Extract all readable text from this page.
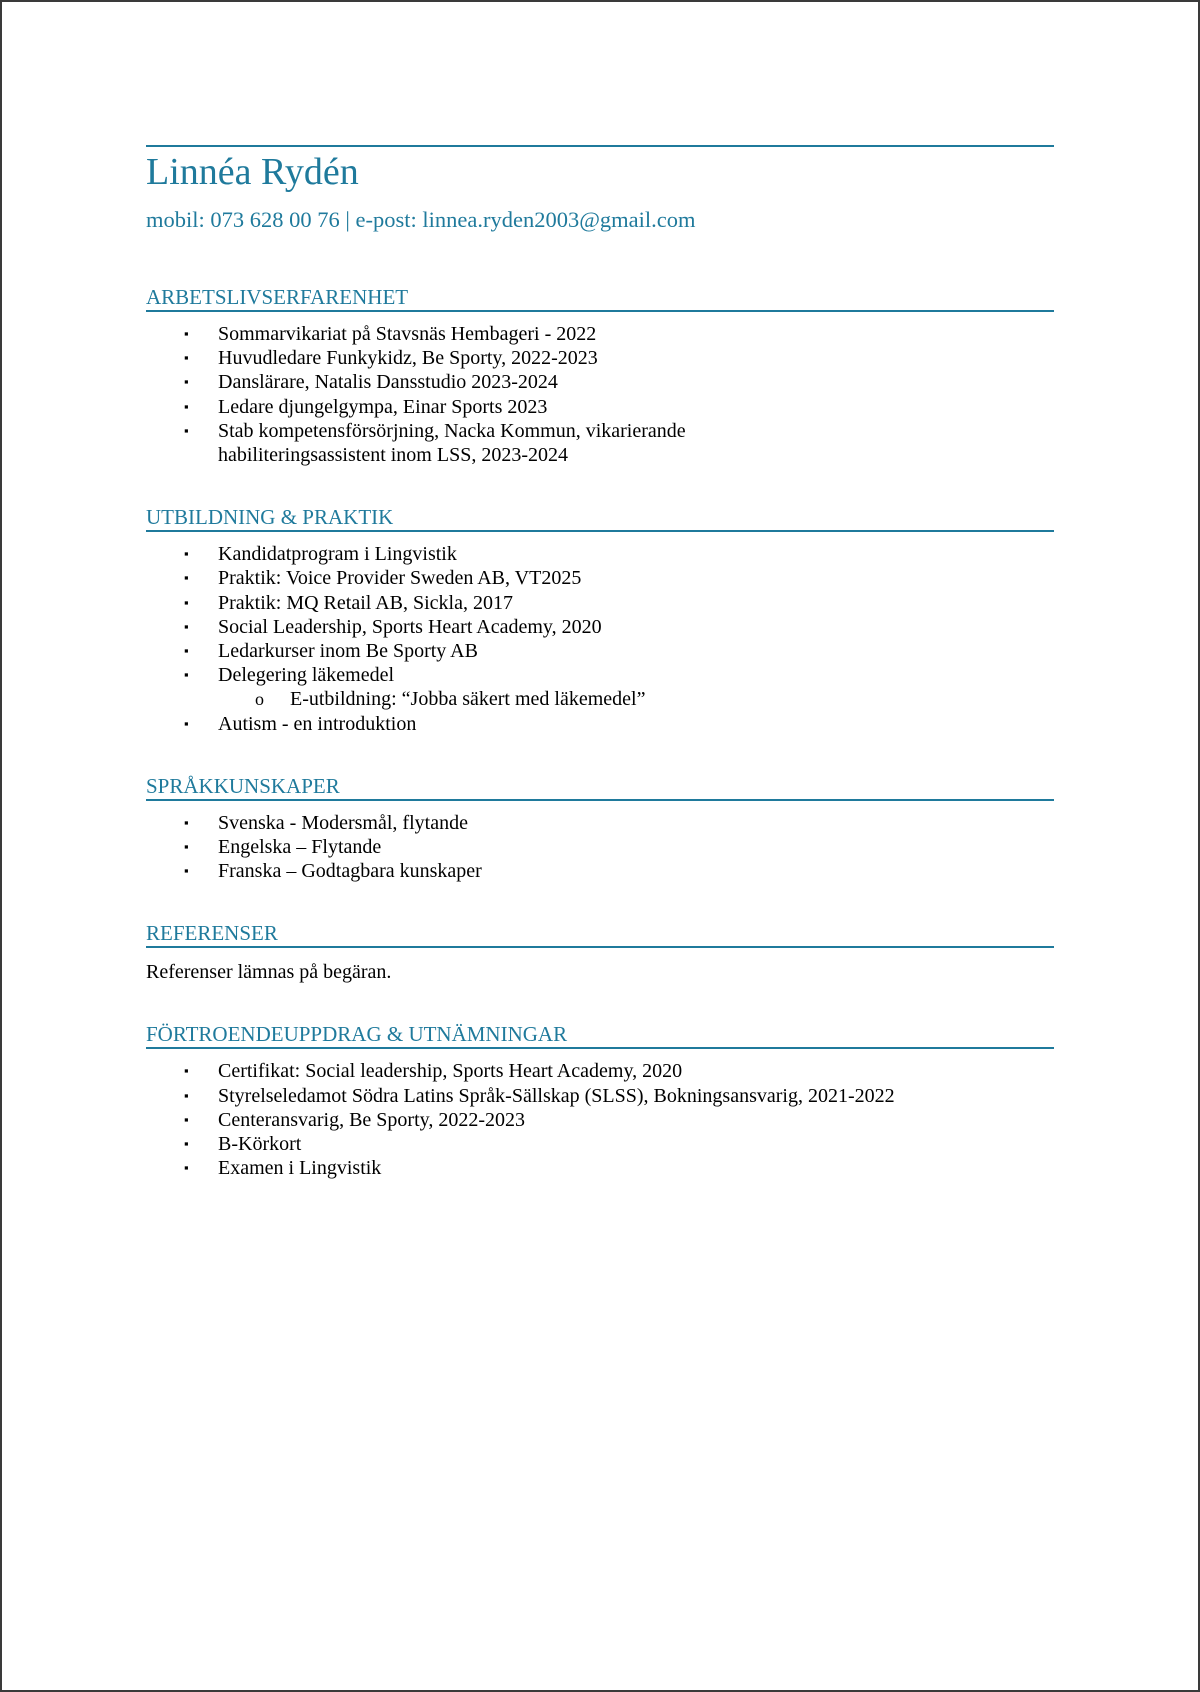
Linnéa Rydén

mobil: 073 628 00 76 | e-post: linnea.ryden2003@gmail.com

ARBETSLIVSERFARENHET
▪ Sommarvikariat på Stavsnäs Hembageri - 2022
▪ Huvudledare Funkykidz, Be Sporty, 2022-2023
▪ Danslärare, Natalis Dansstudio 2023-2024
▪ Ledare djungelgympa, Einar Sports 2023
▪ Stab kompetensförsörjning, Nacka Kommun, vikarierande habiliteringsassistent inom LSS, 2023-2024
UTBILDNING & PRAKTIK
▪ Kandidatprogram i Lingvistik
▪ Praktik: Voice Provider Sweden AB, VT2025
▪ Praktik: MQ Retail AB, Sickla, 2017
▪ Social Leadership, Sports Heart Academy, 2020
▪ Ledarkurser inom Be Sporty AB
▪ Delegering läkemedel
o E-utbildning: “Jobba säkert med läkemedel”
▪ Autism - en introduktion
SPRÅKKUNSKAPER
▪ Svenska - Modersmål, flytande
▪ Engelska – Flytande
▪ Franska – Godtagbara kunskaper
REFERENSER

Referenser lämnas på begäran.

FÖRTROENDEUPPDRAG & UTNÄMNINGAR
▪ Certifikat: Social leadership, Sports Heart Academy, 2020
▪ Styrelseledamot Södra Latins Språk-Sällskap (SLSS), Bokningsansvarig, 2021-2022
▪ Centeransvarig, Be Sporty, 2022-2023
▪ B-Körkort
▪ Examen i Lingvistik
